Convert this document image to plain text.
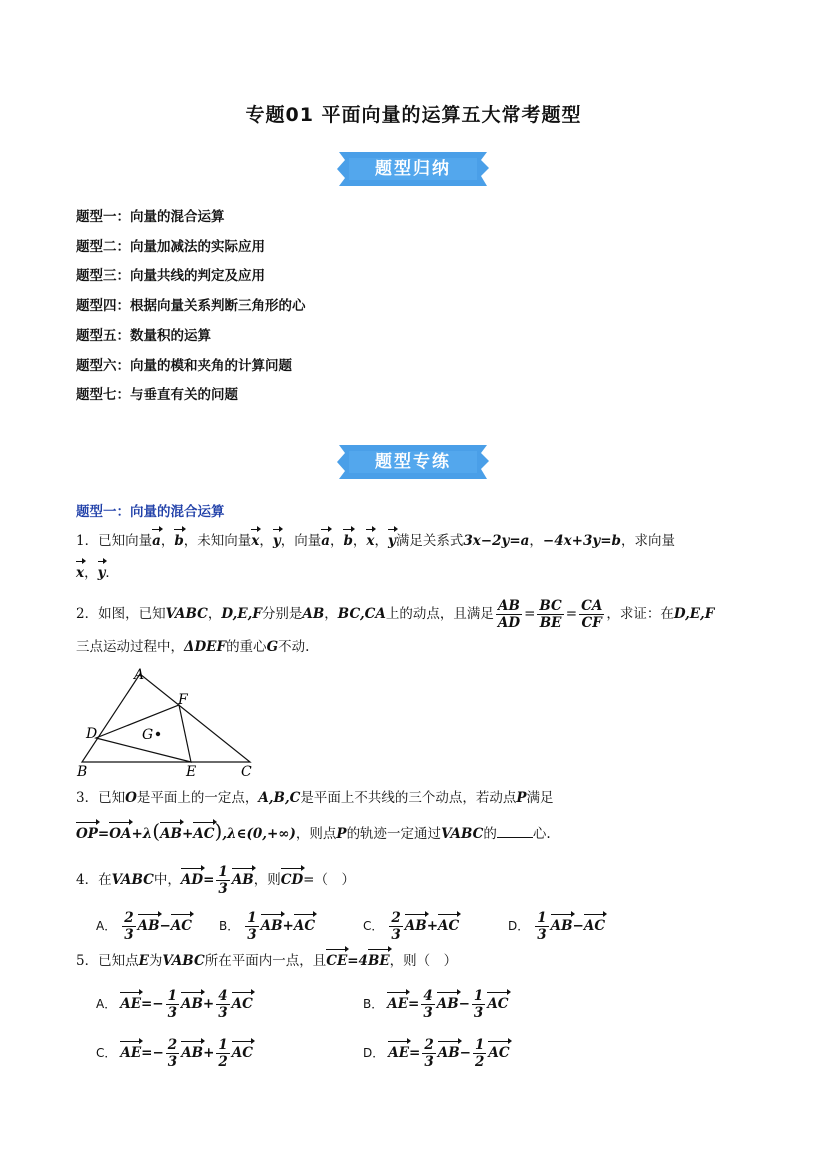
专题01 平面向量的运算五大常考题型
题型归纳
题型一：向量的混合运算
题型二：向量加减法的实际应用
题型三：向量共线的判定及应用
题型四：根据向量关系判断三角形的心
题型五：数量积的运算
题型六：向量的模和夹角的计算问题
题型七：与垂直有关的问题
题型专练
题型一：向量的混合运算
1．已知向量a，b，未知向量x，y，向量a，b，x，y满足关系式3x−2y=a，−4x+3y=b，求向量
x，y．
2．如图，已知VABC，D,E,F分别是AB，BC,CA上的动点，且满足 $\frac{AB}{AD} = \frac{BC}{BE} = \frac{CA}{CF}$ ，求证：在D,E,F
三点运动过程中，ΔDEF的重心G不动.
A
F
D	G
B	E	C
3．已知O是平面上的一定点，A,B,C是平面上不共线的三个动点，若动点P满足
OP=OA+λ(AB+AC),λ∈(0,+∞)，则点P的轨迹一定通过VABC的	心.
4．在VABC中，$AD= \frac{1}{3}$ AB，则CD=（　）
A． $\frac{2}{3} AB-AC$ B． $\frac{1}{3} AB+AC$	C． $\frac{2}{3} AB+AC$	D． $\frac{1}{3} AB-AC$
5．已知点E为VABC所在平面内一点，且CE=4BE，则（　）
A． $AE=- \frac{1}{3} AB+ \frac{4}{3}$ AC	B． $AE= \frac{4}{3} AB- \frac{1}{3}$ AC
C． $AE=- \frac{2}{3} AB+ \frac{1}{2}$ AC	D． $AE= \frac{2}{3} AB- \frac{1}{2}$ AC
